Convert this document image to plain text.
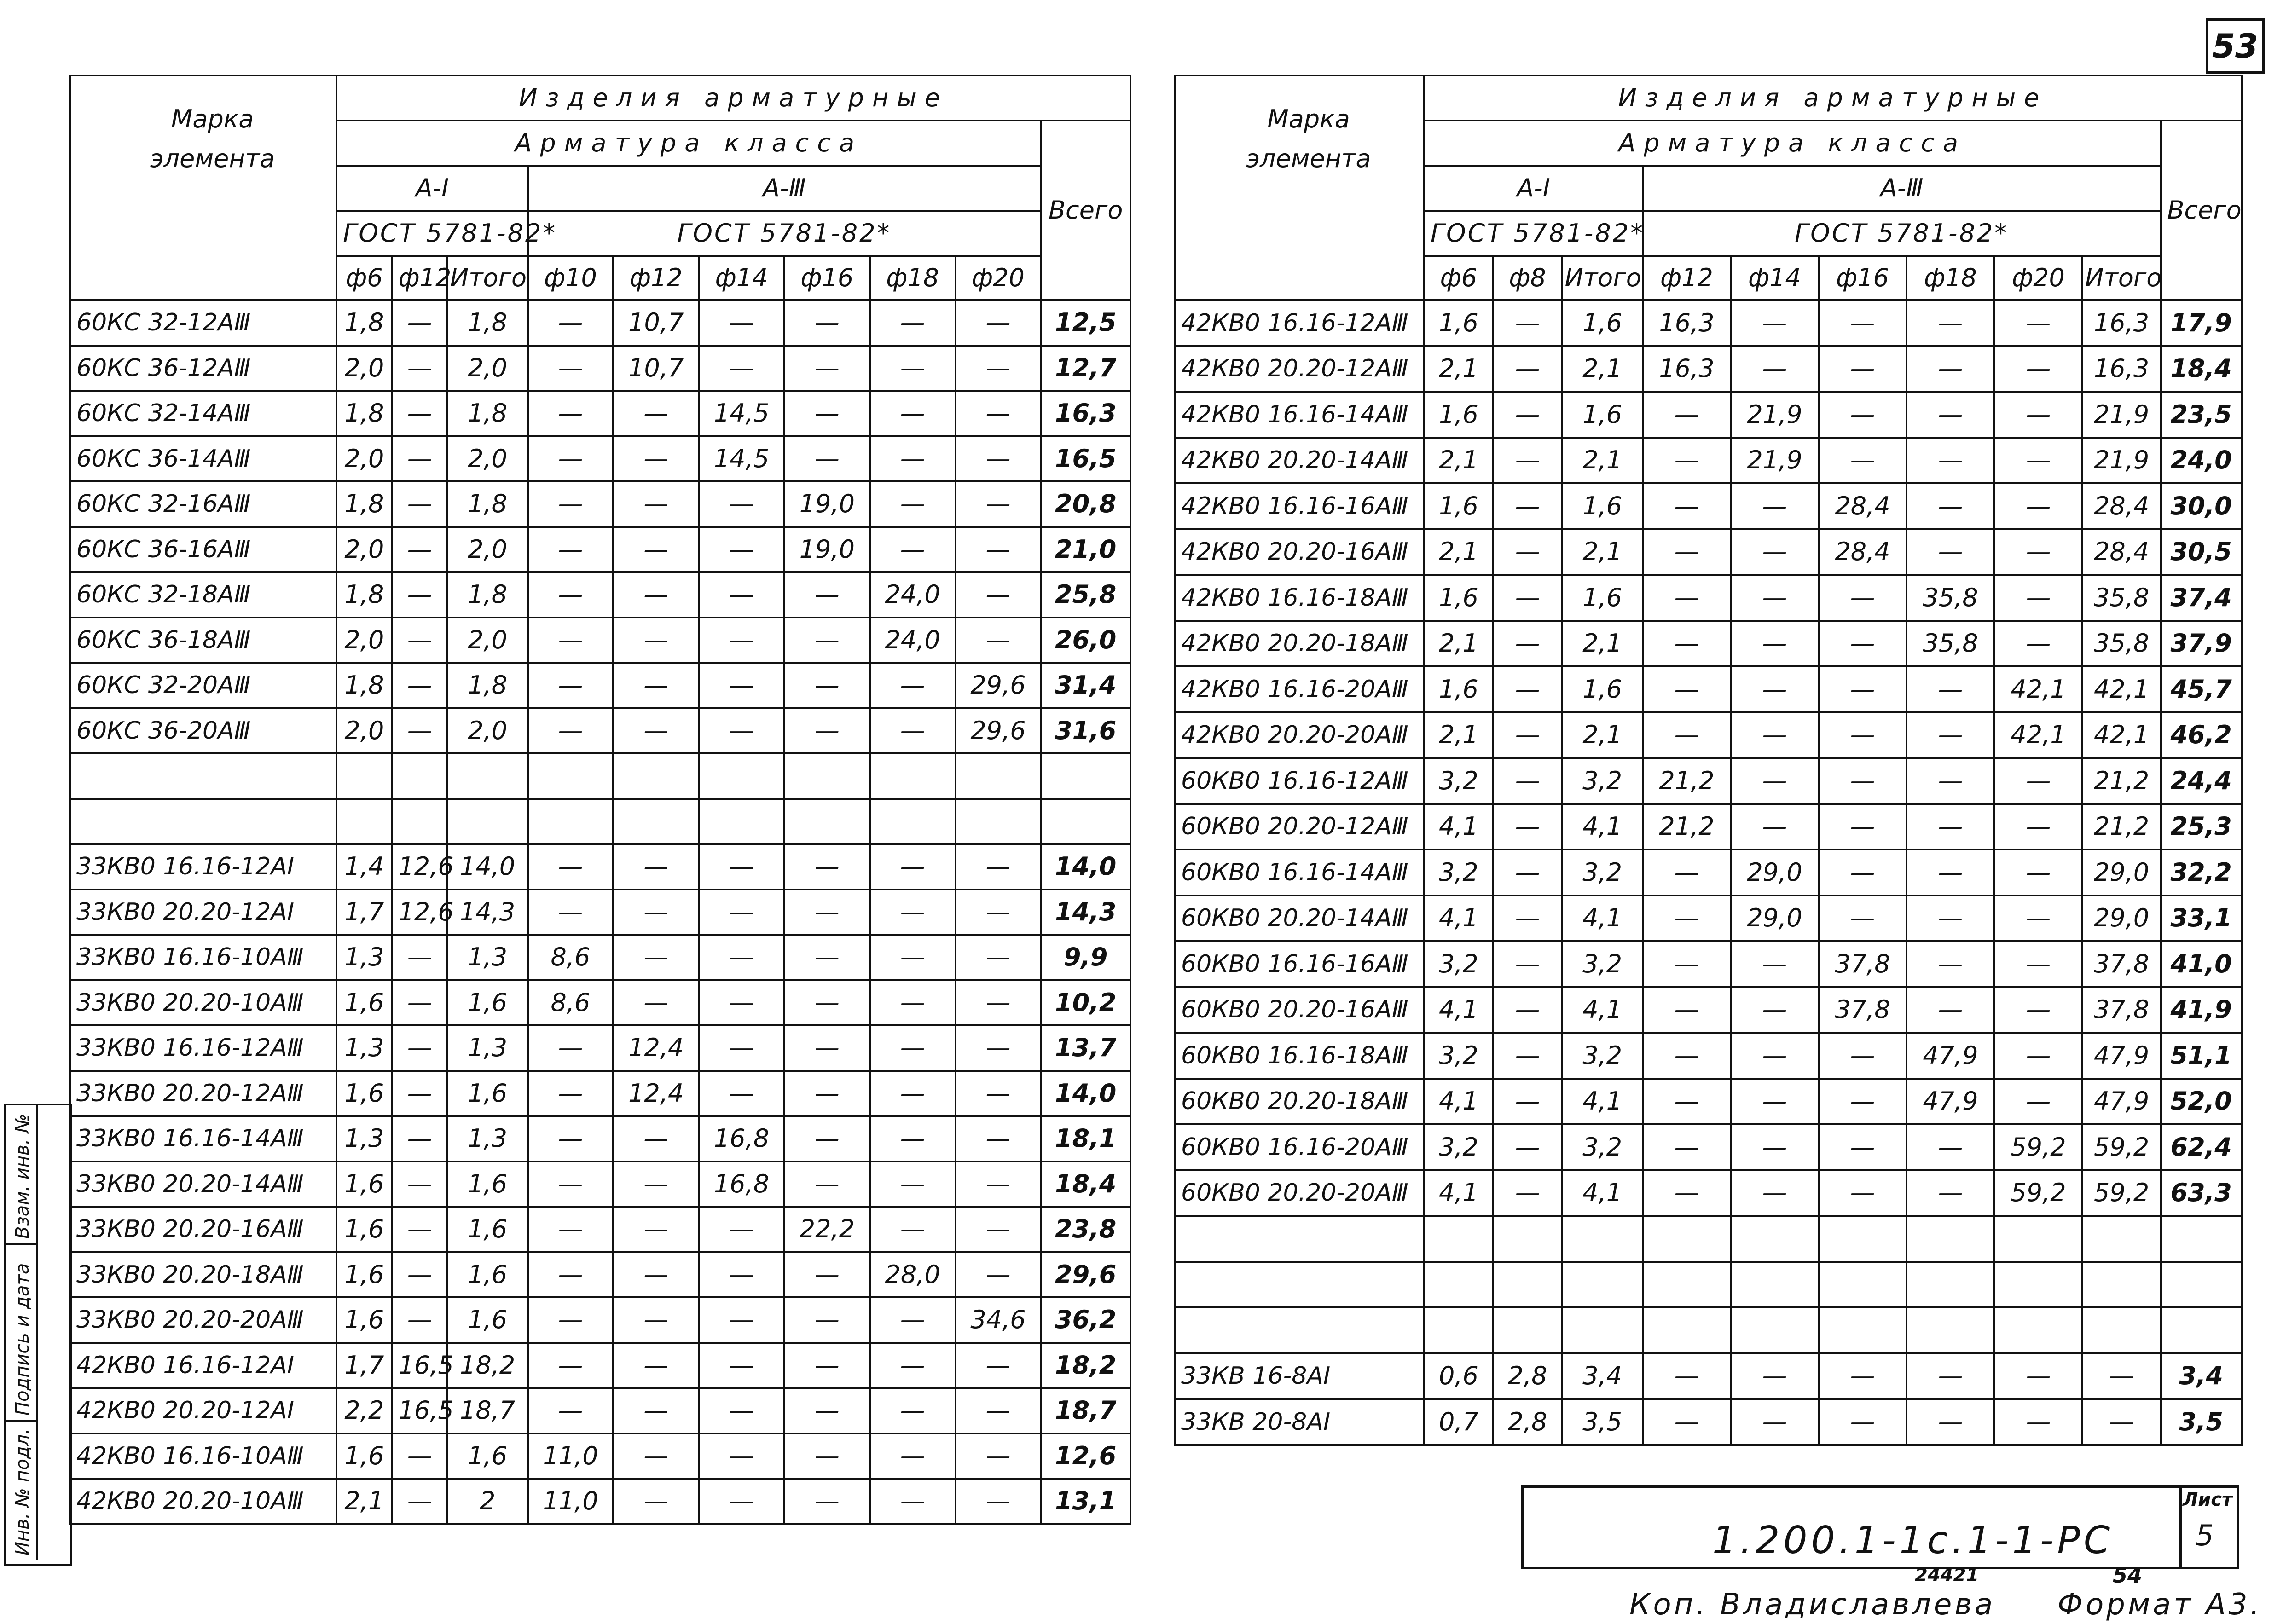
53
Марка элемента	Изделия арматурные									
	Арматура класса									Всего
	А-I			А-Ⅲ						
	ГОСТ 5781-82*			ГОСТ 5781-82*						
	ф6	ф12	Итого	ф10	ф12	ф14	ф16	ф18	ф20	
60КС 32-12АⅢ	1,8	—	1,8	—	10,7	—	—	—	—	12,5
60КС 36-12АⅢ	2,0	—	2,0	—	10,7	—	—	—	—	12,7
60КС 32-14АⅢ	1,8	—	1,8	—	—	14,5	—	—	—	16,3
60КС 36-14АⅢ	2,0	—	2,0	—	—	14,5	—	—	—	16,5
60КС 32-16АⅢ	1,8	—	1,8	—	—	—	19,0	—	—	20,8
60КС 36-16АⅢ	2,0	—	2,0	—	—	—	19,0	—	—	21,0
60КС 32-18АⅢ	1,8	—	1,8	—	—	—	—	24,0	—	25,8
60КС 36-18АⅢ	2,0	—	2,0	—	—	—	—	24,0	—	26,0
60КС 32-20АⅢ	1,8	—	1,8	—	—	—	—	—	29,6	31,4
60КС 36-20АⅢ	2,0	—	2,0	—	—	—	—	—	29,6	31,6

33КВ0 16.16-12АI	1,4	12,6	14,0	—	—	—	—	—	—	14,0
33КВ0 20.20-12АI	1,7	12,6	14,3	—	—	—	—	—	—	14,3
33КВ0 16.16-10АⅢ	1,3	—	1,3	8,6	—	—	—	—	—	9,9
33КВ0 20.20-10АⅢ	1,6	—	1,6	8,6	—	—	—	—	—	10,2
33КВ0 16.16-12АⅢ	1,3	—	1,3	—	12,4	—	—	—	—	13,7
33КВ0 20.20-12АⅢ	1,6	—	1,6	—	12,4	—	—	—	—	14,0
33КВ0 16.16-14АⅢ	1,3	—	1,3	—	—	16,8	—	—	—	18,1
33КВ0 20.20-14АⅢ	1,6	—	1,6	—	—	16,8	—	—	—	18,4
33КВ0 20.20-16АⅢ	1,6	—	1,6	—	—	—	22,2	—	—	23,8
33КВ0 20.20-18АⅢ	1,6	—	1,6	—	—	—	—	28,0	—	29,6
33КВ0 20.20-20АⅢ	1,6	—	1,6	—	—	—	—	—	34,6	36,2
42КВ0 16.16-12АI	1,7	16,5	18,2	—	—	—	—	—	—	18,2
42КВ0 20.20-12АI	2,2	16,5	18,7	—	—	—	—	—	—	18,7
42КВ0 16.16-10АⅢ	1,6	—	1,6	11,0	—	—	—	—	—	12,6
42КВ0 20.20-10АⅢ	2,1	—	2	11,0	—	—	—	—	—	13,1
Марка элемента	Изделия арматурные									
	Арматура класса									Всего
	А-I			А-Ⅲ						
	ГОСТ 5781-82*			ГОСТ 5781-82*						
	ф6	ф8	Итого	ф12	ф14	ф16	ф18	ф20	Итого	
42КВ0 16.16-12АⅢ	1,6	—	1,6	16,3	—	—	—	—	16,3	17,9
42КВ0 20.20-12АⅢ	2,1	—	2,1	16,3	—	—	—	—	16,3	18,4
42КВ0 16.16-14АⅢ	1,6	—	1,6	—	21,9	—	—	—	21,9	23,5
42КВ0 20.20-14АⅢ	2,1	—	2,1	—	21,9	—	—	—	21,9	24,0
42КВ0 16.16-16АⅢ	1,6	—	1,6	—	—	28,4	—	—	28,4	30,0
42КВ0 20.20-16АⅢ	2,1	—	2,1	—	—	28,4	—	—	28,4	30,5
42КВ0 16.16-18АⅢ	1,6	—	1,6	—	—	—	35,8	—	35,8	37,4
42КВ0 20.20-18АⅢ	2,1	—	2,1	—	—	—	35,8	—	35,8	37,9
42КВ0 16.16-20АⅢ	1,6	—	1,6	—	—	—	—	42,1	42,1	45,7
42КВ0 20.20-20АⅢ	2,1	—	2,1	—	—	—	—	42,1	42,1	46,2
60КВ0 16.16-12АⅢ	3,2	—	3,2	21,2	—	—	—	—	21,2	24,4
60КВ0 20.20-12АⅢ	4,1	—	4,1	21,2	—	—	—	—	21,2	25,3
60КВ0 16.16-14АⅢ	3,2	—	3,2	—	29,0	—	—	—	29,0	32,2
60КВ0 20.20-14АⅢ	4,1	—	4,1	—	29,0	—	—	—	29,0	33,1
60КВ0 16.16-16АⅢ	3,2	—	3,2	—	—	37,8	—	—	37,8	41,0
60КВ0 20.20-16АⅢ	4,1	—	4,1	—	—	37,8	—	—	37,8	41,9
60КВ0 16.16-18АⅢ	3,2	—	3,2	—	—	—	47,9	—	47,9	51,1
60КВ0 20.20-18АⅢ	4,1	—	4,1	—	—	—	47,9	—	47,9	52,0
60КВ0 16.16-20АⅢ	3,2	—	3,2	—	—	—	—	59,2	59,2	62,4
60КВ0 20.20-20АⅢ	4,1	—	4,1	—	—	—	—	59,2	59,2	63,3

33КВ 16-8АI	0,6	2,8	3,4	—	—	—	—	—	—	3,4
33КВ 20-8АI	0,7	2,8	3,5	—	—	—	—	—	—	3,5
1.200.1-1с.1-1-РС
Лист
5
24421	54
Коп. Владиславлева Формат А3.
Взам. инв. №
Подпись и дата
Инв. № подл.
